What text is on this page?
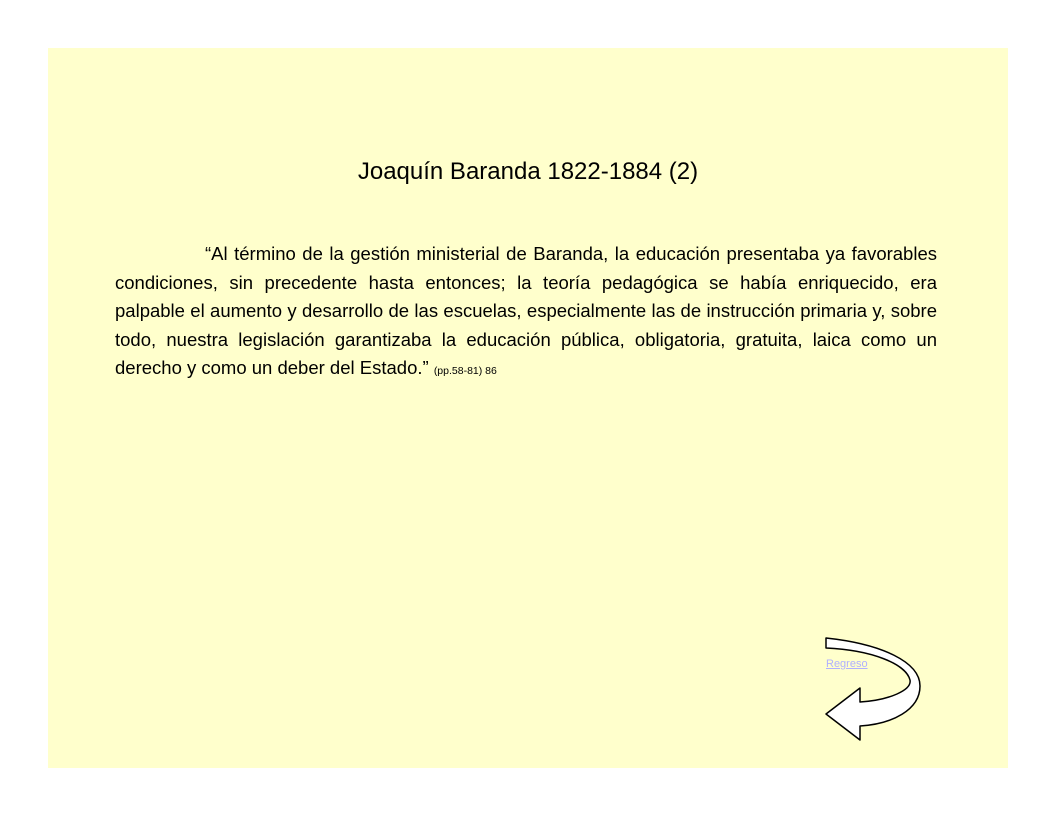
Joaquín Baranda 1822-1884 (2)
“Al término de la gestión ministerial de Baranda, la educación presentaba ya favorables condiciones, sin precedente hasta entonces; la teoría pedagógica se había enriquecido, era palpable el aumento y desarrollo de las escuelas, especialmente las de instrucción primaria y, sobre todo, nuestra legislación garantizaba la educación pública, obligatoria, gratuita, laica como un derecho y como un deber del Estado.” (pp.58-81) 86
Regreso
